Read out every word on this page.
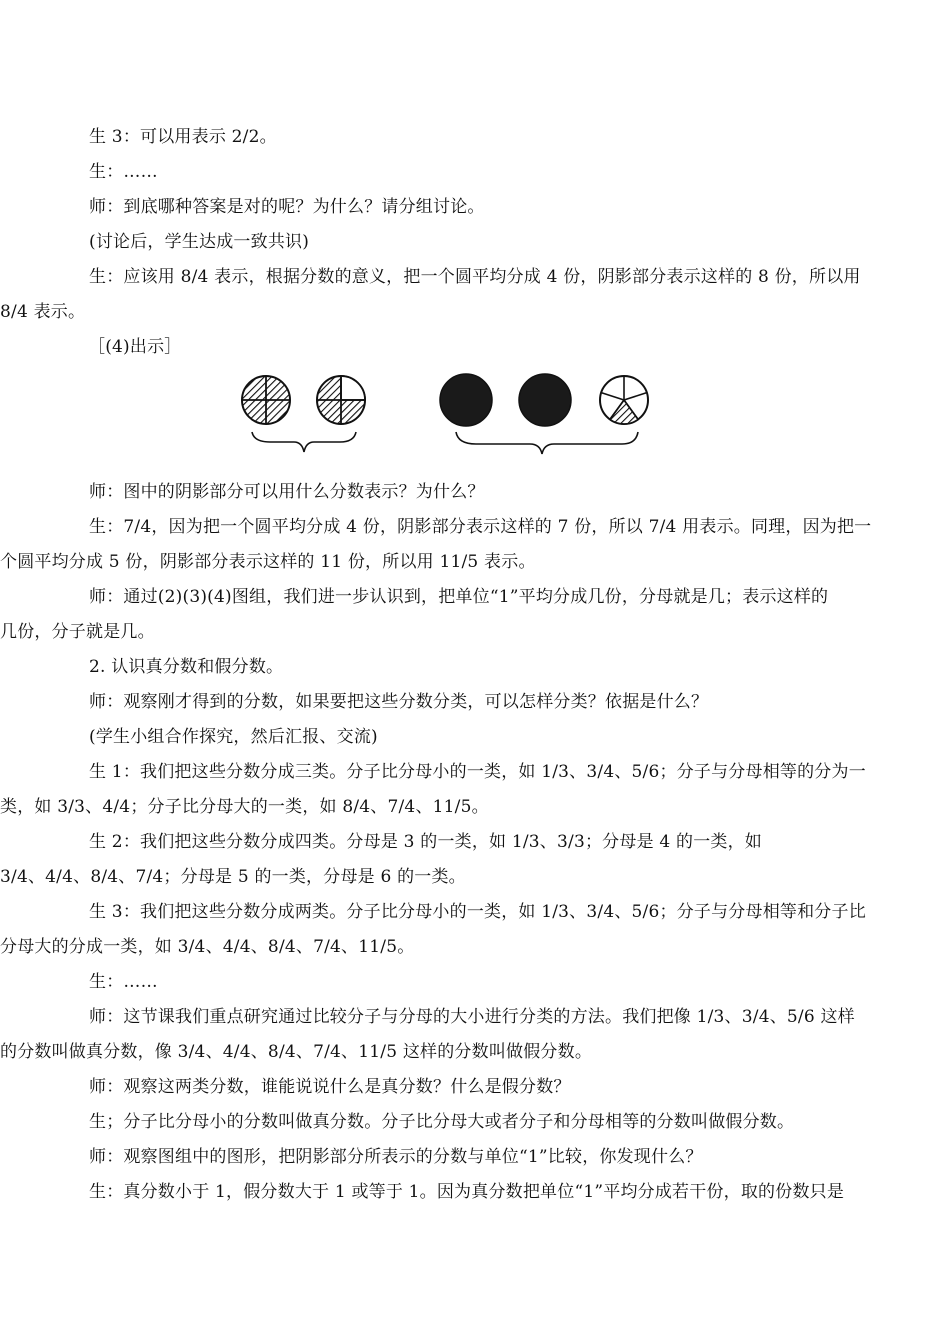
生 3：可以用表示 2/2。
生：……
师：到底哪种答案是对的呢？为什么？请分组讨论。
(讨论后，学生达成一致共识)
生：应该用 8/4 表示，根据分数的意义，把一个圆平均分成 4 份，阴影部分表示这样的 8 份，所以用
8/4 表示。
［(4)出示］
师：图中的阴影部分可以用什么分数表示？为什么？
生：7/4，因为把一个圆平均分成 4 份，阴影部分表示这样的 7 份，所以 7/4 用表示。同理，因为把一
个圆平均分成 5 份，阴影部分表示这样的 11 份，所以用 11/5 表示。
师：通过(2)(3)(4)图组，我们进一步认识到，把单位“1”平均分成几份，分母就是几；表示这样的
几份，分子就是几。
2. 认识真分数和假分数。
师：观察刚才得到的分数，如果要把这些分数分类，可以怎样分类？依据是什么？
(学生小组合作探究，然后汇报、交流)
生 1：我们把这些分数分成三类。分子比分母小的一类，如 1/3、3/4、5/6；分子与分母相等的分为一
类，如 3/3、4/4；分子比分母大的一类，如 8/4、7/4、11/5。
生 2：我们把这些分数分成四类。分母是 3 的一类，如 1/3、3/3；分母是 4 的一类，如
3/4、4/4、8/4、7/4；分母是 5 的一类，分母是 6 的一类。
生 3：我们把这些分数分成两类。分子比分母小的一类，如 1/3、3/4、5/6；分子与分母相等和分子比
分母大的分成一类，如 3/4、4/4、8/4、7/4、11/5。
生：……
师：这节课我们重点研究通过比较分子与分母的大小进行分类的方法。我们把像 1/3、3/4、5/6 这样
的分数叫做真分数，像 3/4、4/4、8/4、7/4、11/5 这样的分数叫做假分数。
师：观察这两类分数，谁能说说什么是真分数？什么是假分数？
生；分子比分母小的分数叫做真分数。分子比分母大或者分子和分母相等的分数叫做假分数。
师：观察图组中的图形，把阴影部分所表示的分数与单位“1”比较，你发现什么？
生：真分数小于 1，假分数大于 1 或等于 1。因为真分数把单位“1”平均分成若干份，取的份数只是
